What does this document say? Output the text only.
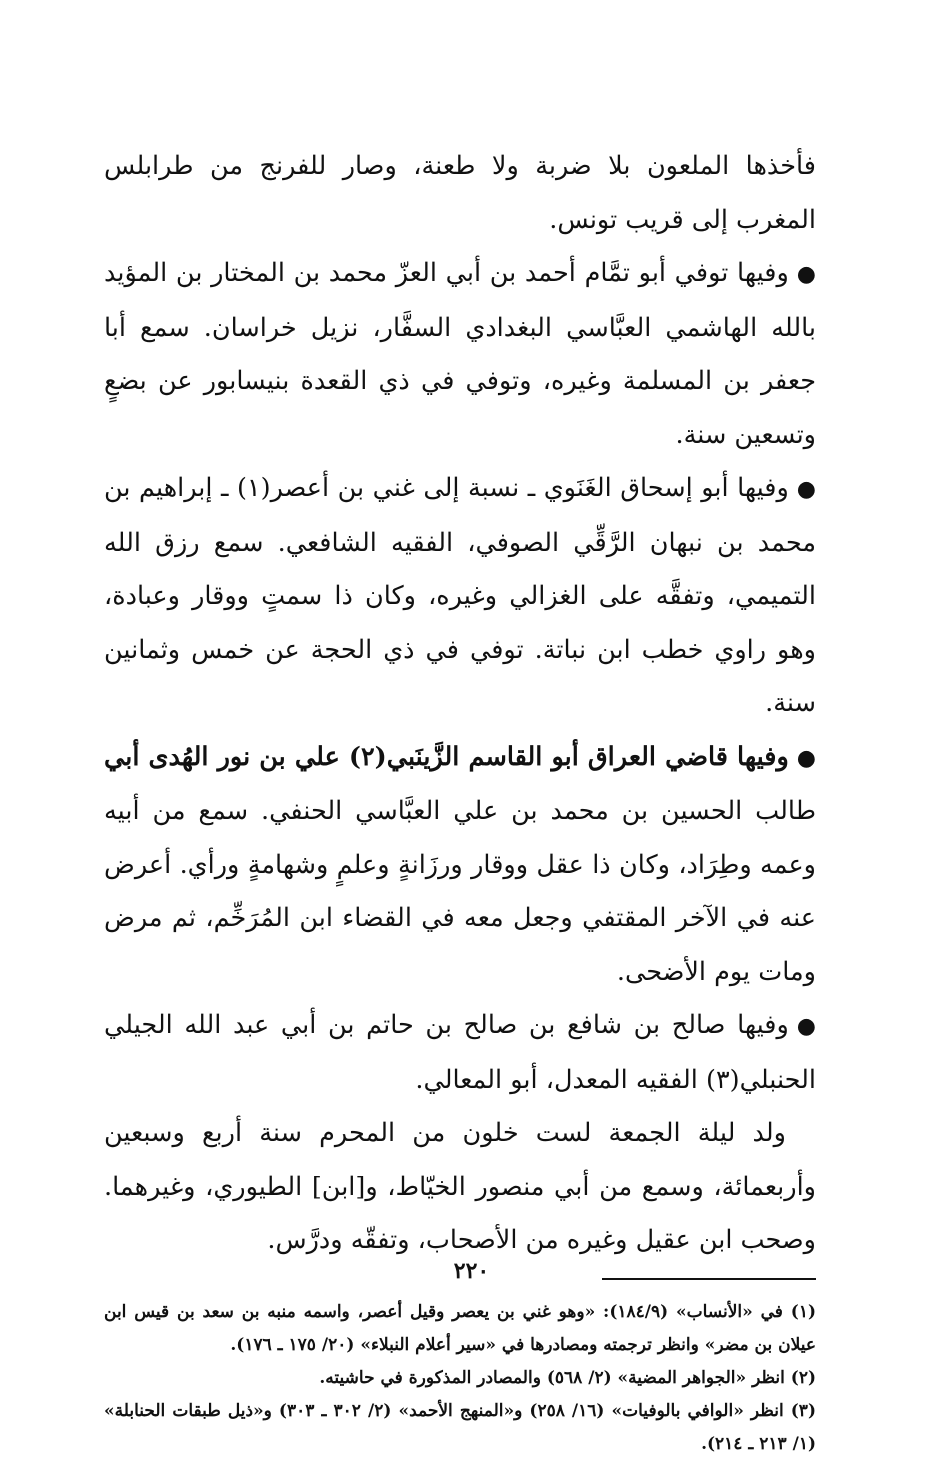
فأخذها الملعون بلا ضربة ولا طعنة، وصار للفرنج من طرابلس المغرب إلى قريب تونس.

●وفيها توفي أبو تمَّام أحمد بن أبي العزّ محمد بن المختار بن المؤيد بالله الهاشمي العبَّاسي البغدادي السفَّار، نزيل خراسان. سمع أبا جعفر بن المسلمة وغيره، وتوفي في ذي القعدة بنيسابور عن بضعٍ وتسعين سنة.

●وفيها أبو إسحاق الغَنَوي ـ نسبة إلى غني بن أعصر(١) ـ إبراهيم بن محمد بن نبهان الرَّقِّي الصوفي، الفقيه الشافعي. سمع رزق الله التميمي، وتفقَّه على الغزالي وغيره، وكان ذا سمتٍ ووقار وعبادة، وهو راوي خطب ابن نباتة. توفي في ذي الحجة عن خمس وثمانين سنة.

●وفيها قاضي العراق أبو القاسم الزَّينَبي(٢) علي بن نور الهُدى أبي طالب الحسين بن محمد بن علي العبَّاسي الحنفي. سمع من أبيه وعمه وطِرَاد، وكان ذا عقل ووقار ورزَانةٍ وعلمٍ وشهامةٍ ورأي. أعرض عنه في الآخر المقتفي وجعل معه في القضاء ابن المُرَخِّم، ثم مرض ومات يوم الأضحى.

●وفيها صالح بن شافع بن صالح بن حاتم بن أبي عبد الله الجيلي الحنبلي(٣) الفقيه المعدل، أبو المعالي.

ولد ليلة الجمعة لست خلون من المحرم سنة أربع وسبعين وأربعمائة، وسمع من أبي منصور الخيّاط، و[ابن] الطيوري، وغيرهما. وصحب ابن عقيل وغيره من الأصحاب، وتفقّه ودرَّس.

(١) في «الأنساب» (١٨٤/٩): «وهو غني بن يعصر وقيل أعصر، واسمه منبه بن سعد بن قيس ابن عيلان بن مضر» وانظر ترجمته ومصادرها في «سير أعلام النبلاء» (٢٠/ ١٧٥ ـ ١٧٦).

(٢) انظر «الجواهر المضية» (٢/ ٥٦٨) والمصادر المذكورة في حاشيته.

(٣) انظر «الوافي بالوفيات» (١٦/ ٢٥٨) و«المنهج الأحمد» (٢/ ٣٠٢ ـ ٣٠٣) و«ذيل طبقات الحنابلة» (١/ ٢١٣ ـ ٢١٤).

٢٢٠
